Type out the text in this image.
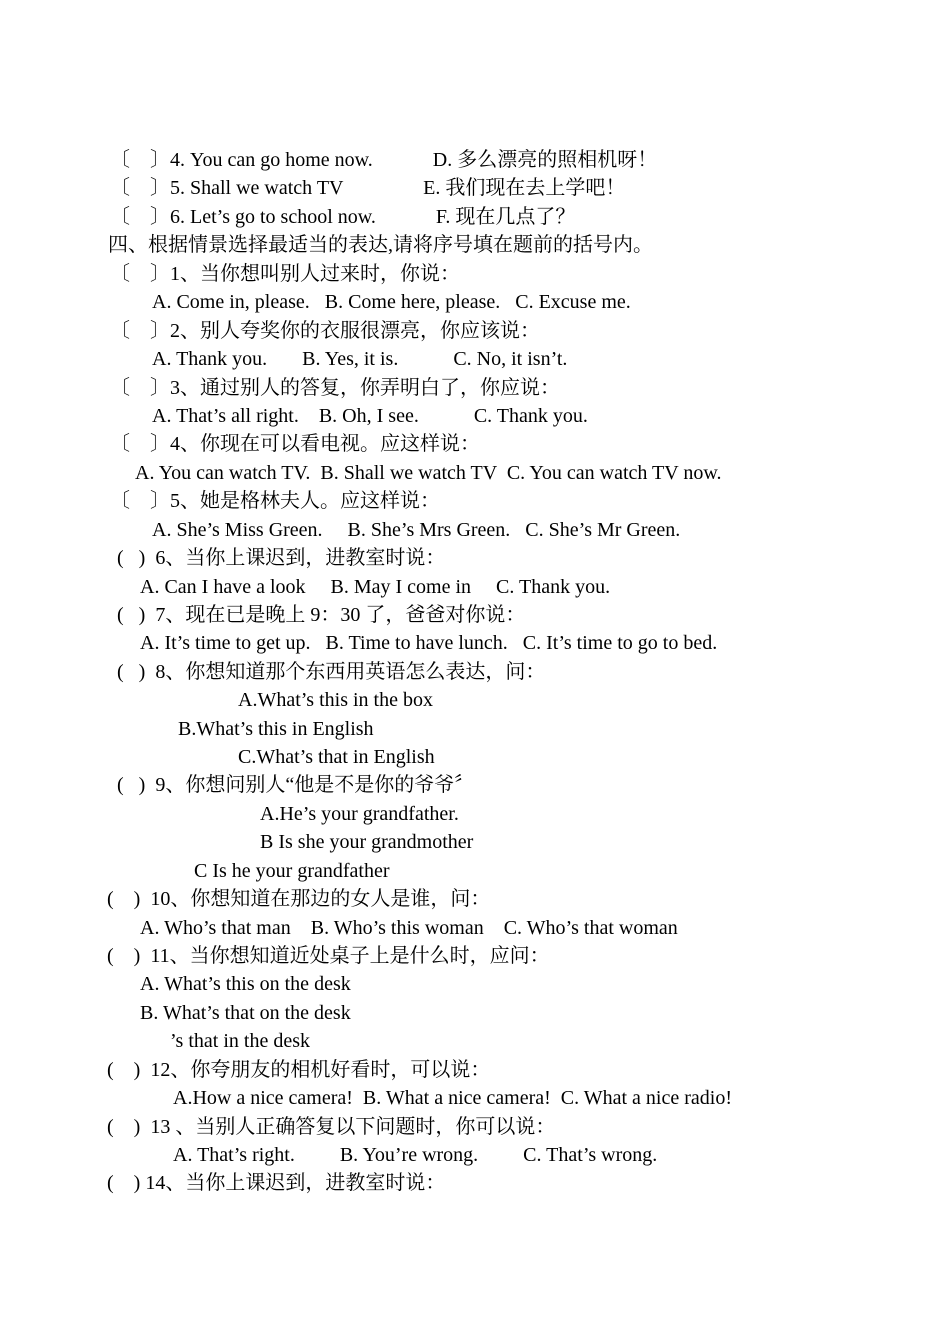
〔　〕4. You can go home now.　　　D. 多么漂亮的照相机呀！
〔　〕5. Shall we watch TV　　　　E. 我们现在去上学吧！
〔　〕6. Let’s go to school now.　　　F. 现在几点了？
四、根据情景选择最适当的表达,请将序号填在题前的括号内。
〔　〕1、当你想叫别人过来时，你说：
A. Come in, please.   B. Come here, please.   C. Excuse me.
〔　〕2、别人夸奖你的衣服很漂亮，你应该说：
A. Thank you.       B. Yes, it is.           C. No, it isn’t.
〔　〕3、通过别人的答复，你弄明白了，你应说：
A. That’s all right.    B. Oh, I see.           C. Thank you.
〔　〕4、你现在可以看电视。应这样说：
A. You can watch TV.  B. Shall we watch TV  C. You can watch TV now.
〔　〕5、她是格林夫人。应这样说：
A. She’s Miss Green.     B. She’s Mrs Green.   C. She’s Mr Green.
(   )  6、当你上课迟到，进教室时说：
A. Can I have a look     B. May I come in     C. Thank you.
(   )  7、现在已是晚上 9：30 了，爸爸对你说：
A. It’s time to get up.   B. Time to have lunch.   C. It’s time to go to bed.
(   )  8、你想知道那个东西用英语怎么表达，问：
A.What’s this in the box
B.What’s this in English
C.What’s that in English
(   )  9、你想问别人“他是不是你的爷爷〞
A.He’s your grandfather.
B Is she your grandmother
C Is he your grandfather
(    )  10、你想知道在那边的女人是谁，问：
A. Who’s that man    B. Who’s this woman    C. Who’s that woman
(    )  11、当你想知道近处桌子上是什么时，应问：
A. What’s this on the desk
B. What’s that on the desk
’s that in the desk
(    )  12、你夸朋友的相机好看时，可以说：
A.How a nice camera!  B. What a nice camera!  C. What a nice radio!
(    )  13 、当别人正确答复以下问题时，你可以说：
A. That’s right.         B. You’re wrong.         C. That’s wrong.
(    ) 14、当你上课迟到，进教室时说：
